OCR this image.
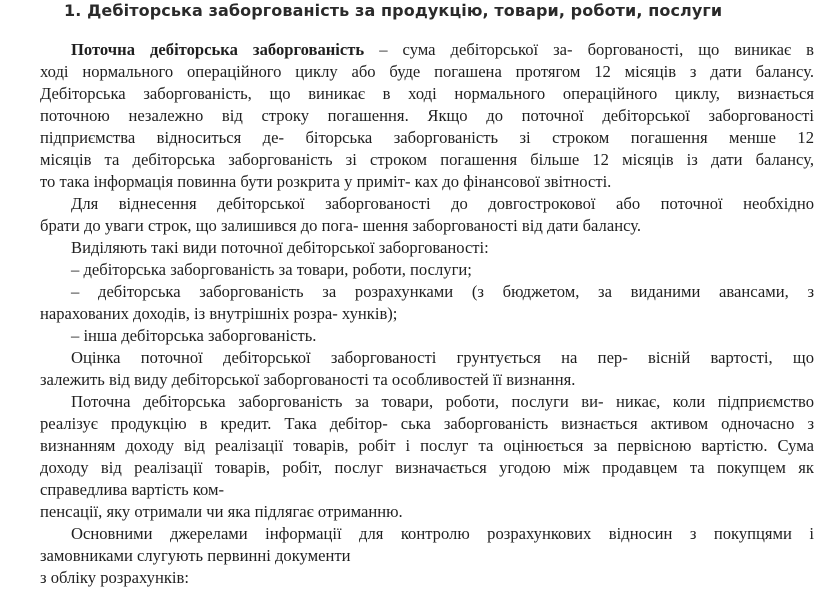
1. Дебіторська заборгованість за продукцію, товари, роботи, послуги
Поточна дебіторська заборгованість – сума дебіторської за- боргованості, що виникає в
ході нормального операційного циклу або буде погашена протягом 12 місяців з дати балансу.
Дебіторська заборгованість, що виникає в ході нормального операційного циклу, визнається
поточною незалежно від строку погашення. Якщо до поточної дебіторської заборгованості
підприємства відноситься де- біторська заборгованість зі строком погашення менше 12
місяців та дебіторська заборгованість зі строком погашення більше 12 місяців із дати балансу,
то така інформація повинна бути розкрита у приміт- ках до фінансової звітності.
Для віднесення дебіторської заборгованості до довгострокової або поточної необхідно
брати до уваги строк, що залишився до пога- шення заборгованості від дати балансу.
Виділяють такі види поточної дебіторської заборгованості:
– дебіторська заборгованість за товари, роботи, послуги;
– дебіторська заборгованість за розрахунками (з бюджетом, за виданими авансами, з
нарахованих доходів, із внутрішніх розра- хунків);
– інша дебіторська заборгованість.
Оцінка поточної дебіторської заборгованості грунтується на пер- вісній вартості, що
залежить від виду дебіторської заборгованості та особливостей її визнання.
Поточна дебіторська заборгованість за товари, роботи, послуги ви- никає, коли підприємство
реалізує продукцію в кредит. Така дебітор- ська заборгованість визнається активом одночасно з
визнанням доходу від реалізації товарів, робіт і послуг та оцінюється за первісною вартістю. Сума
доходу від реалізації товарів, робіт, послуг визначається угодою між продавцем та покупцем як
справедлива вартість ком-
пенсації, яку отримали чи яка підлягає отриманню.
Основними джерелами інформації для контролю розрахункових відносин з покупцями і
замовниками слугують первинні документи
з обліку розрахунків:
